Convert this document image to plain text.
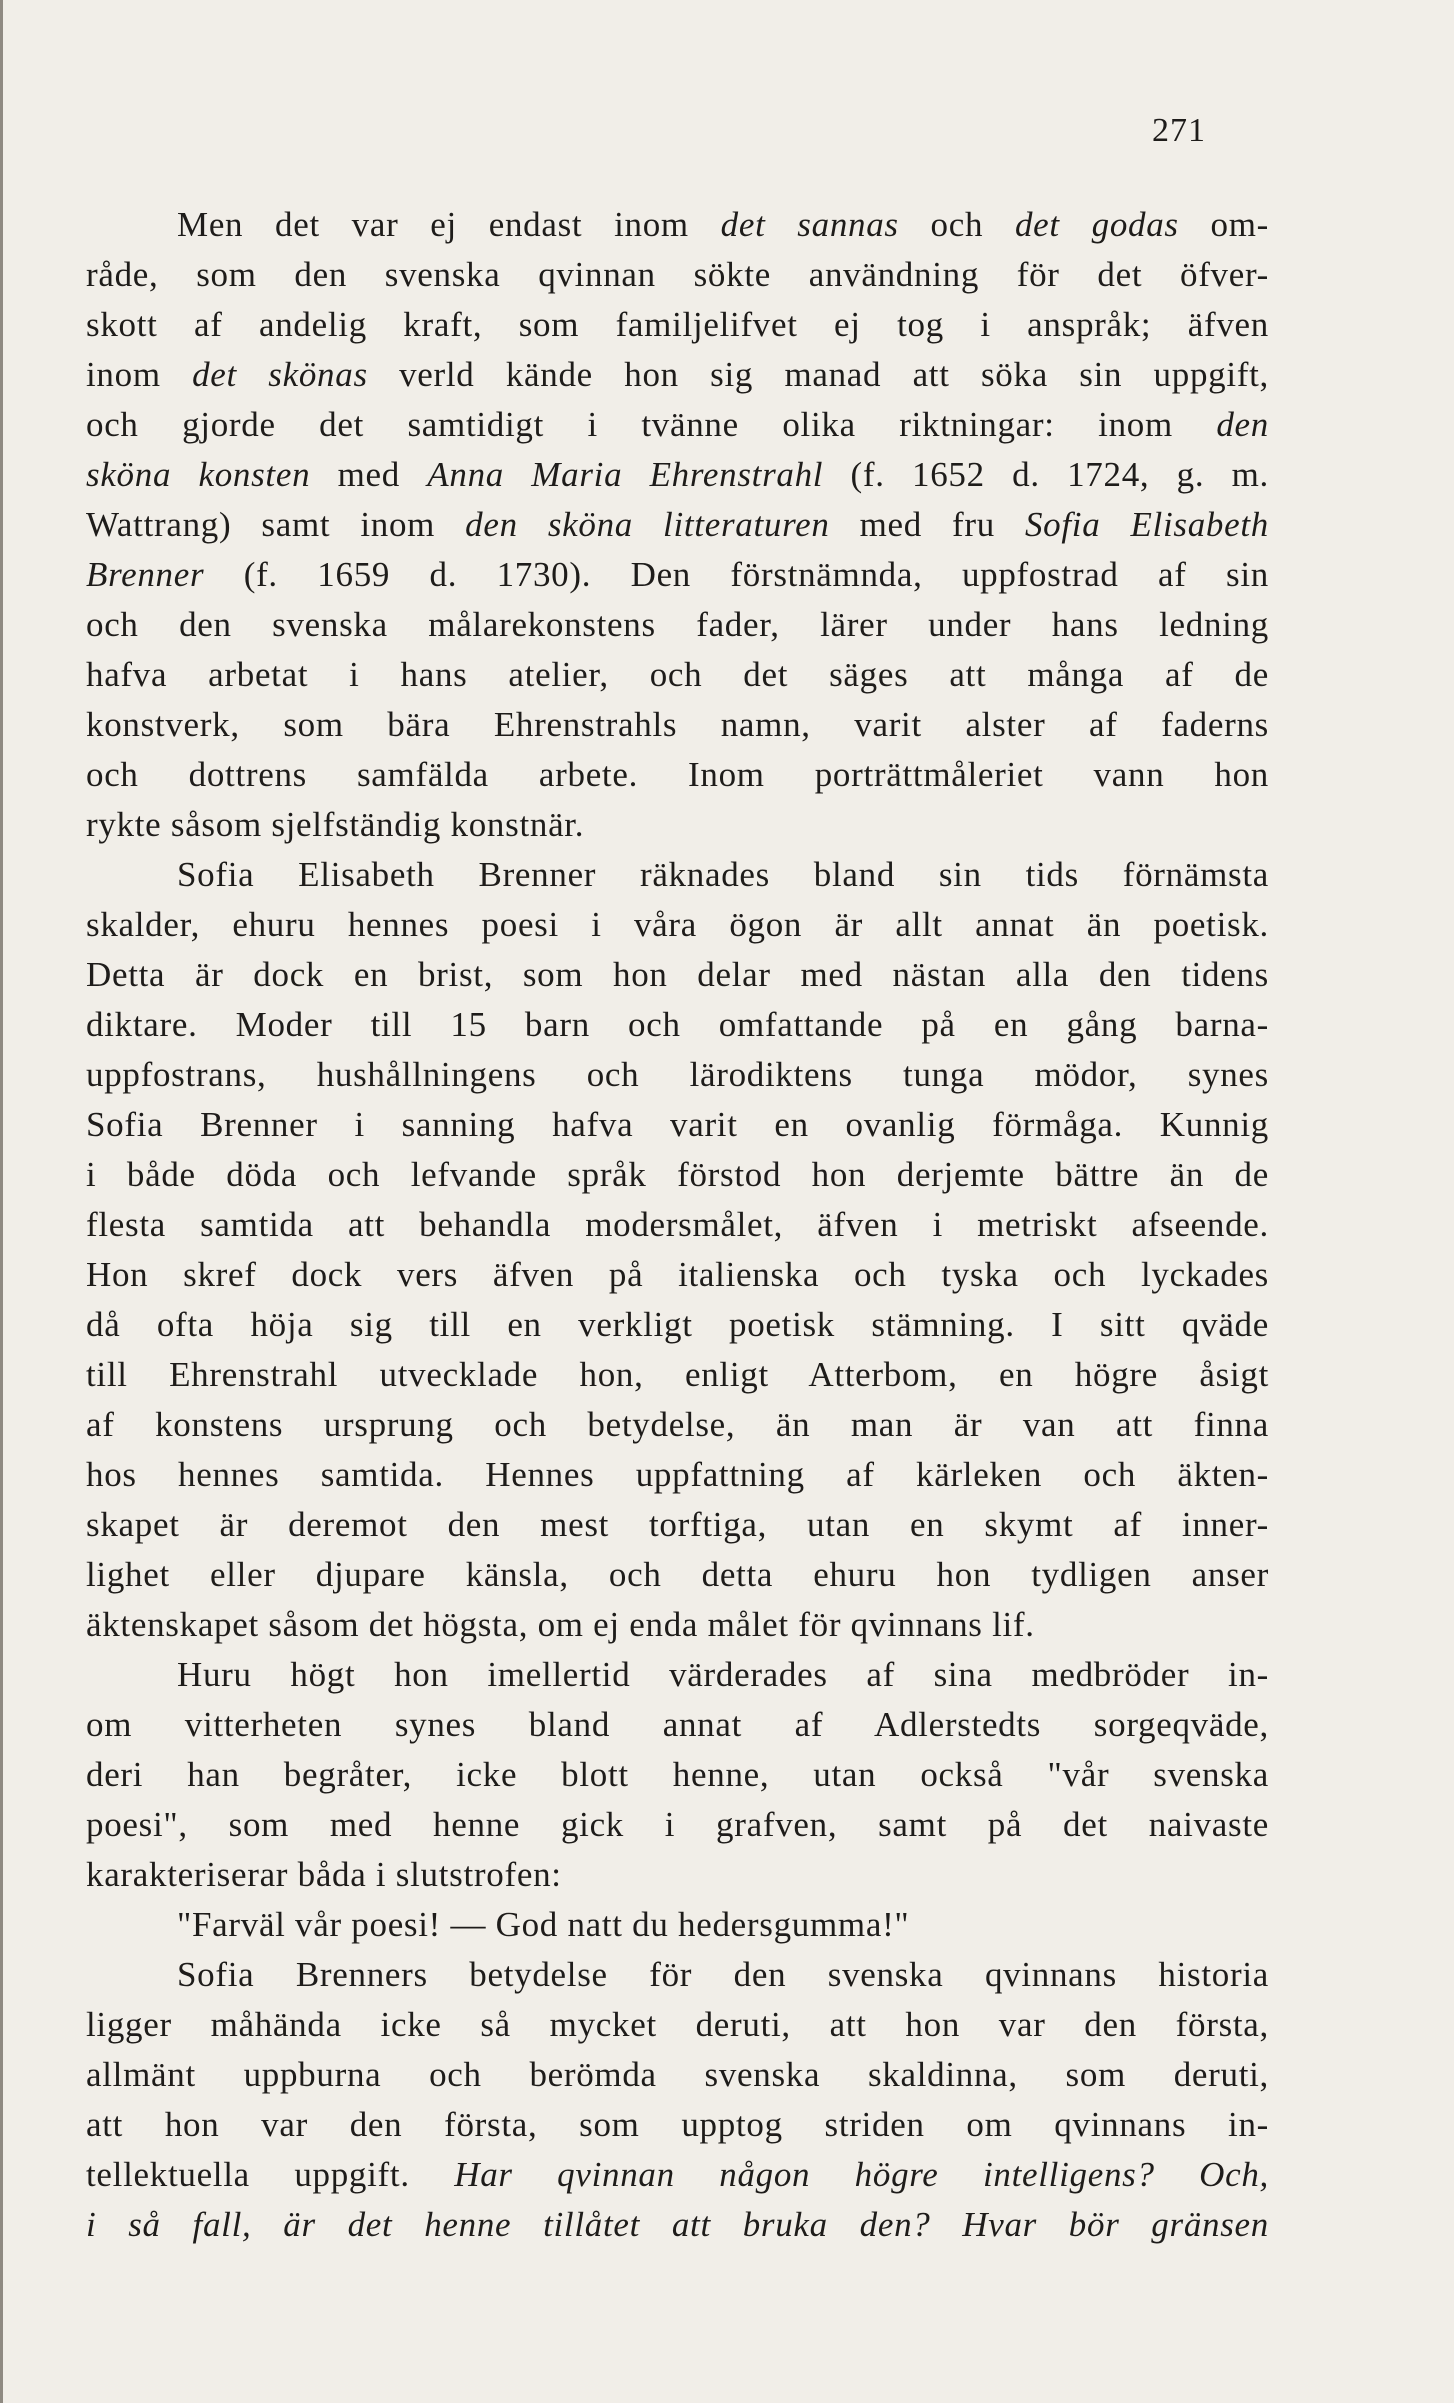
271
Men det var ej endast inom det sannas och det godas om-
råde, som den svenska qvinnan sökte användning för det öfver-
skott af andelig kraft, som familjelifvet ej tog i anspråk; äfven
inom det skönas verld kände hon sig manad att söka sin uppgift,
och gjorde det samtidigt i tvänne olika riktningar: inom den
sköna konsten med Anna Maria Ehrenstrahl (f. 1652 d. 1724, g. m.
Wattrang) samt inom den sköna litteraturen med fru Sofia Elisabeth
Brenner (f. 1659 d. 1730). Den förstnämnda, uppfostrad af sin
och den svenska målarekonstens fader, lärer under hans ledning
hafva arbetat i hans atelier, och det säges att många af de
konstverk, som bära Ehrenstrahls namn, varit alster af faderns
och dottrens samfälda arbete. Inom porträttmåleriet vann hon
rykte såsom sjelfständig konstnär.
Sofia Elisabeth Brenner räknades bland sin tids förnämsta
skalder, ehuru hennes poesi i våra ögon är allt annat än poetisk.
Detta är dock en brist, som hon delar med nästan alla den tidens
diktare. Moder till 15 barn och omfattande på en gång barna-
uppfostrans, hushållningens och lärodiktens tunga mödor, synes
Sofia Brenner i sanning hafva varit en ovanlig förmåga. Kunnig
i både döda och lefvande språk förstod hon derjemte bättre än de
flesta samtida att behandla modersmålet, äfven i metriskt afseende.
Hon skref dock vers äfven på italienska och tyska och lyckades
då ofta höja sig till en verkligt poetisk stämning. I sitt qväde
till Ehrenstrahl utvecklade hon, enligt Atterbom, en högre åsigt
af konstens ursprung och betydelse, än man är van att finna
hos hennes samtida. Hennes uppfattning af kärleken och äkten-
skapet är deremot den mest torftiga, utan en skymt af inner-
lighet eller djupare känsla, och detta ehuru hon tydligen anser
äktenskapet såsom det högsta, om ej enda målet för qvinnans lif.
Huru högt hon imellertid värderades af sina medbröder in-
om vitterheten synes bland annat af Adlerstedts sorgeqväde,
deri han begråter, icke blott henne, utan också "vår svenska
poesi", som med henne gick i grafven, samt på det naivaste
karakteriserar båda i slutstrofen:
"Farväl vår poesi! — God natt du hedersgumma!"
Sofia Brenners betydelse för den svenska qvinnans historia
ligger måhända icke så mycket deruti, att hon var den första,
allmänt uppburna och berömda svenska skaldinna, som deruti,
att hon var den första, som upptog striden om qvinnans in-
tellektuella uppgift. Har qvinnan någon högre intelligens? Och,
i så fall, är det henne tillåtet att bruka den? Hvar bör gränsen
